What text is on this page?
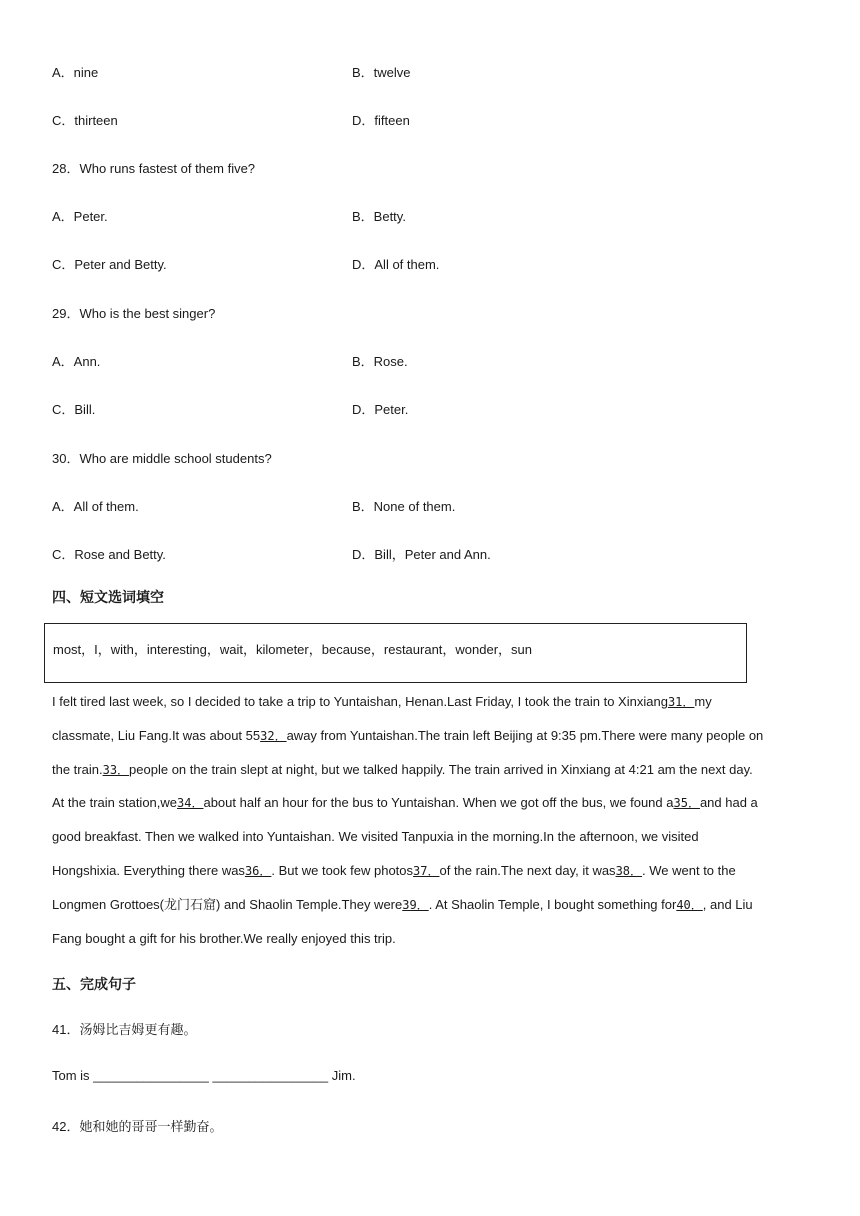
A．nine	B．twelve
C．thirteen	D．fifteen
28．Who runs fastest of them five?
A．Peter.	B．Betty.
C．Peter and Betty.	D．All of them.
29．Who is the best singer?
A．Ann.	B．Rose.
C．Bill.	D．Peter.
30．Who are middle school students?
A．All of them.	B．None of them.
C．Rose and Betty.	D．Bill，Peter and Ann.
四、短文选词填空
most，I，with，interesting，wait，kilometer，because，restaurant，wonder，sun
I felt tired last week, so I decided to take a trip to Yuntaishan, Henan.Last Friday, I took the train to Xinxiang31．my
classmate, Liu Fang.It was about 5532．away from Yuntaishan.The train left Beijing at 9:35 pm.There were many people on
the train.33．people on the train slept at night, but we talked happily. The train arrived in Xinxiang at 4:21 am the next day.
At the train station,we34．about half an hour for the bus to Yuntaishan. When we got off the bus, we found a35．and had a
good breakfast. Then we walked into Yuntaishan. We visited Tanpuxia in the morning.In the afternoon, we visited
Hongshixia. Everything there was36．. But we took few photos37．of the rain.The next day, it was38．. We went to the
Longmen Grottoes(龙门石窟) and Shaolin Temple.They were39．. At Shaolin Temple, I bought something for40．, and Liu
Fang bought a gift for his brother.We really enjoyed this trip.
五、完成句子
41．汤姆比吉姆更有趣。
Tom is ________________ ________________ Jim.
42．她和她的哥哥一样勤奋。
